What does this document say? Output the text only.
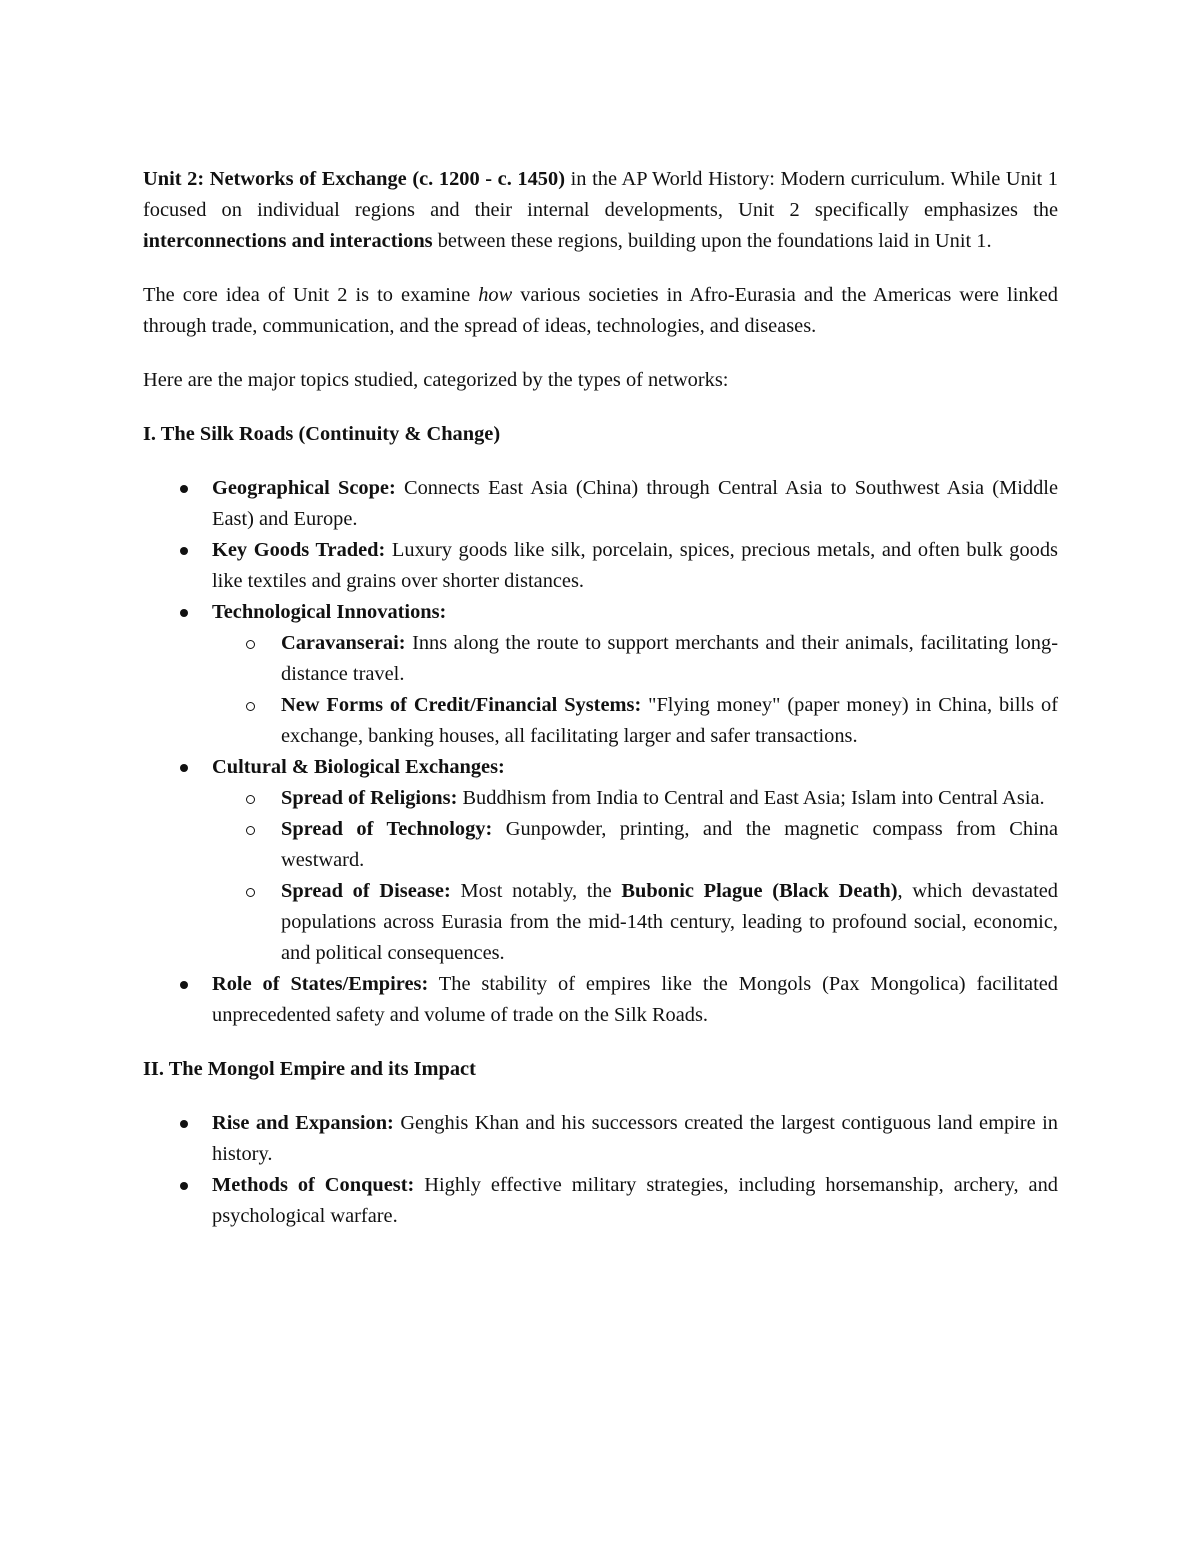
Unit 2: Networks of Exchange (c. 1200 - c. 1450) in the AP World History: Modern curriculum. While Unit 1 focused on individual regions and their internal developments, Unit 2 specifically emphasizes the interconnections and interactions between these regions, building upon the foundations laid in Unit 1.

The core idea of Unit 2 is to examine how various societies in Afro-Eurasia and the Americas were linked through trade, communication, and the spread of ideas, technologies, and diseases.

Here are the major topics studied, categorized by the types of networks:

I. The Silk Roads (Continuity & Change)
Geographical Scope: Connects East Asia (China) through Central Asia to Southwest Asia (Middle East) and Europe.
Key Goods Traded: Luxury goods like silk, porcelain, spices, precious metals, and often bulk goods like textiles and grains over shorter distances.
Technological Innovations:
Caravanserai: Inns along the route to support merchants and their animals, facilitating long-distance travel.
New Forms of Credit/Financial Systems: "Flying money" (paper money) in China, bills of exchange, banking houses, all facilitating larger and safer transactions.
Cultural & Biological Exchanges:
Spread of Religions: Buddhism from India to Central and East Asia; Islam into Central Asia.
Spread of Technology: Gunpowder, printing, and the magnetic compass from China westward.
Spread of Disease: Most notably, the Bubonic Plague (Black Death), which devastated populations across Eurasia from the mid-14th century, leading to profound social, economic, and political consequences.
Role of States/Empires: The stability of empires like the Mongols (Pax Mongolica) facilitated unprecedented safety and volume of trade on the Silk Roads.
II. The Mongol Empire and its Impact
Rise and Expansion: Genghis Khan and his successors created the largest contiguous land empire in history.
Methods of Conquest: Highly effective military strategies, including horsemanship, archery, and psychological warfare.
